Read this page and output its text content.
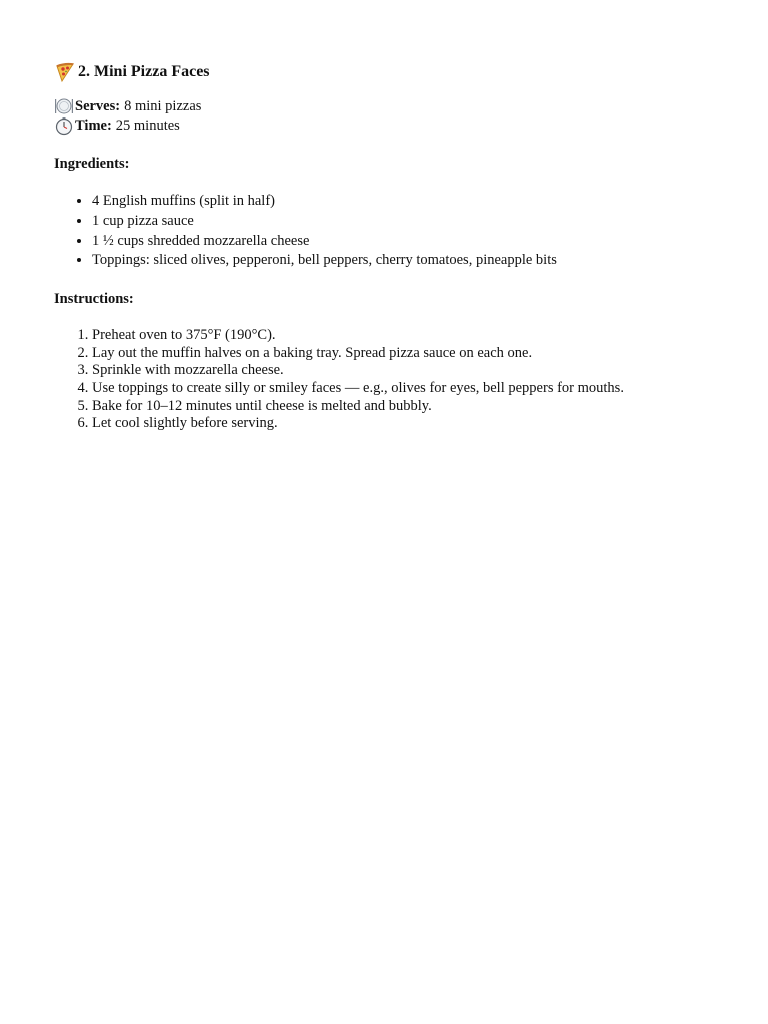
2. Mini Pizza Faces
Serves: 8 mini pizzas
Time: 25 minutes

Ingredients:

• 4 English muffins (split in half)
• 1 cup pizza sauce
• 1 ½ cups shredded mozzarella cheese
• Toppings: sliced olives, pepperoni, bell peppers, cherry tomatoes, pineapple bits

Instructions:

1. Preheat oven to 375°F (190°C).
2. Lay out the muffin halves on a baking tray. Spread pizza sauce on each one.
3. Sprinkle with mozzarella cheese.
4. Use toppings to create silly or smiley faces — e.g., olives for eyes, bell peppers for mouths.
5. Bake for 10–12 minutes until cheese is melted and bubbly.
6. Let cool slightly before serving.
